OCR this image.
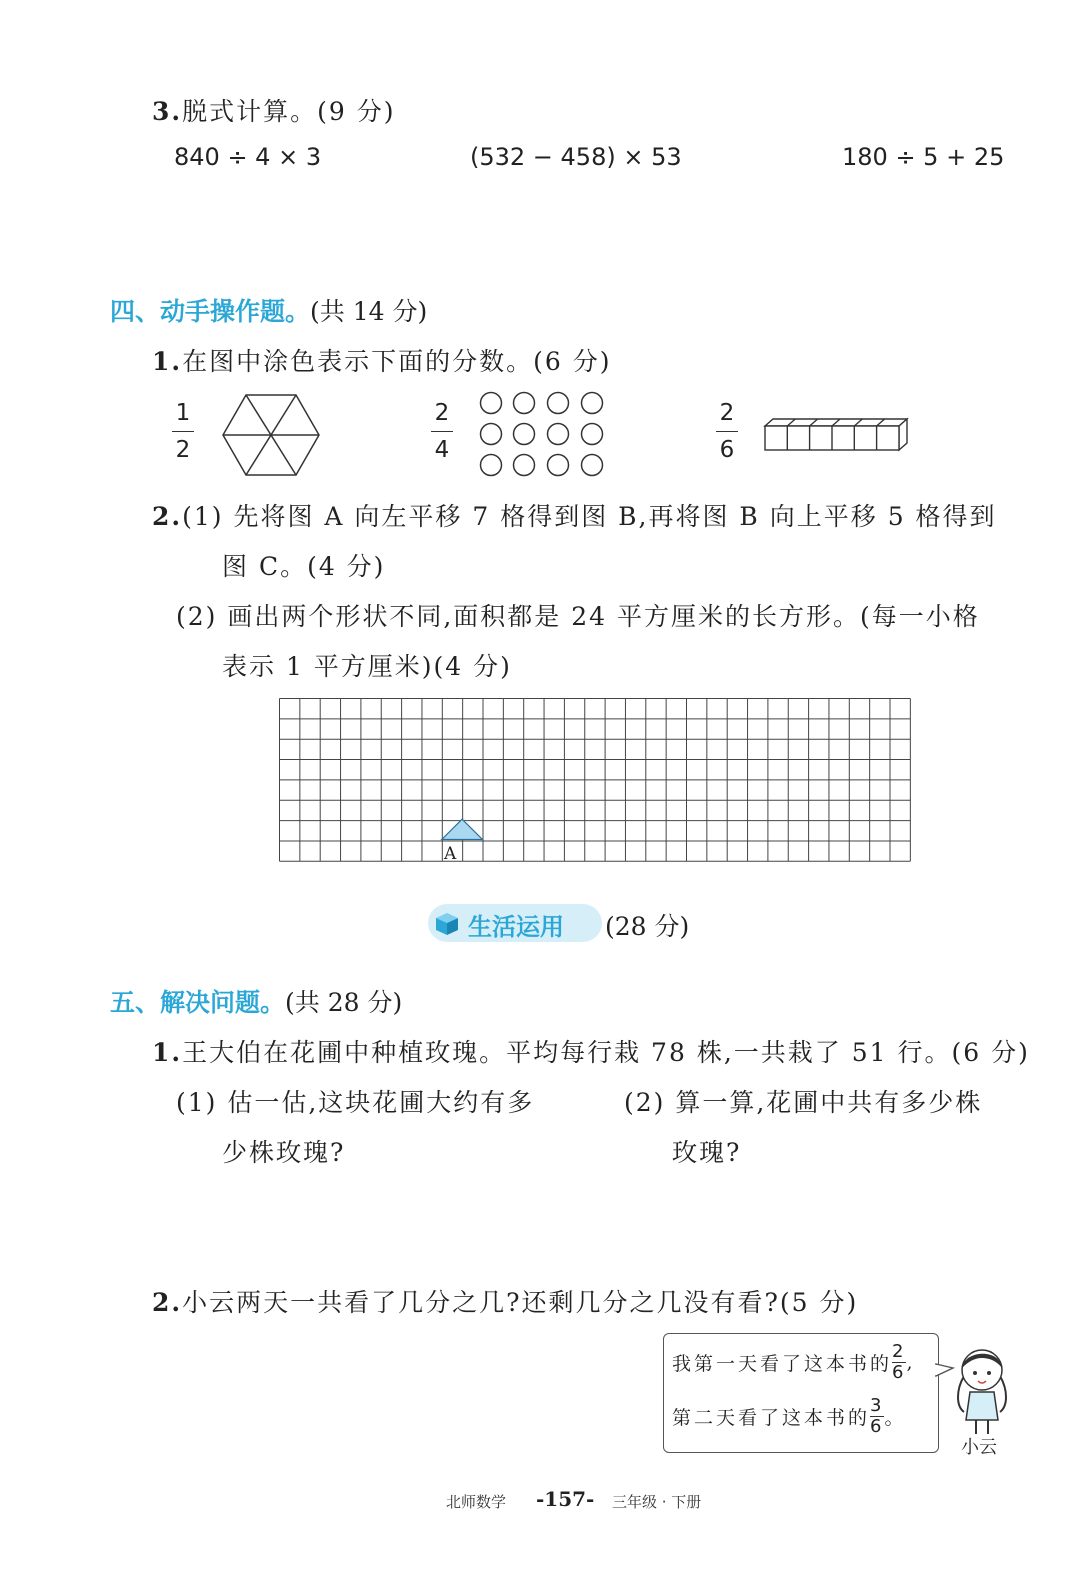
3.脱式计算。(9 分)
840 ÷ 4 × 3	(532 − 458) × 53	180 ÷ 5 + 25
四、动手操作题。(共 14 分)
1.在图中涂色表示下面的分数。(6 分)
1
2
2
4
2
6
2.(1) 先将图 A 向左平移 7 格得到图 B,再将图 B 向上平移 5 格得到
图 C。(4 分)
(2) 画出两个形状不同,面积都是 24 平方厘米的长方形。(每一小格
表示 1 平方厘米)(4 分)
A
生活运用 (28 分)
五、解决问题。(共 28 分)
1.王大伯在花圃中种植玫瑰。平均每行栽 78 株,一共栽了 51 行。(6 分)
(1) 估一估,这块花圃大约有多
少株玫瑰?
(2) 算一算,花圃中共有多少株
玫瑰?
2.小云两天一共看了几分之几?还剩几分之几没有看?(5 分)
我第一天看了这本书的 $\frac{2}{6}$ ,
第二天看了这本书的 $\frac{3}{6}$ 。
小云
北师数学 -157- 三年级 · 下册
